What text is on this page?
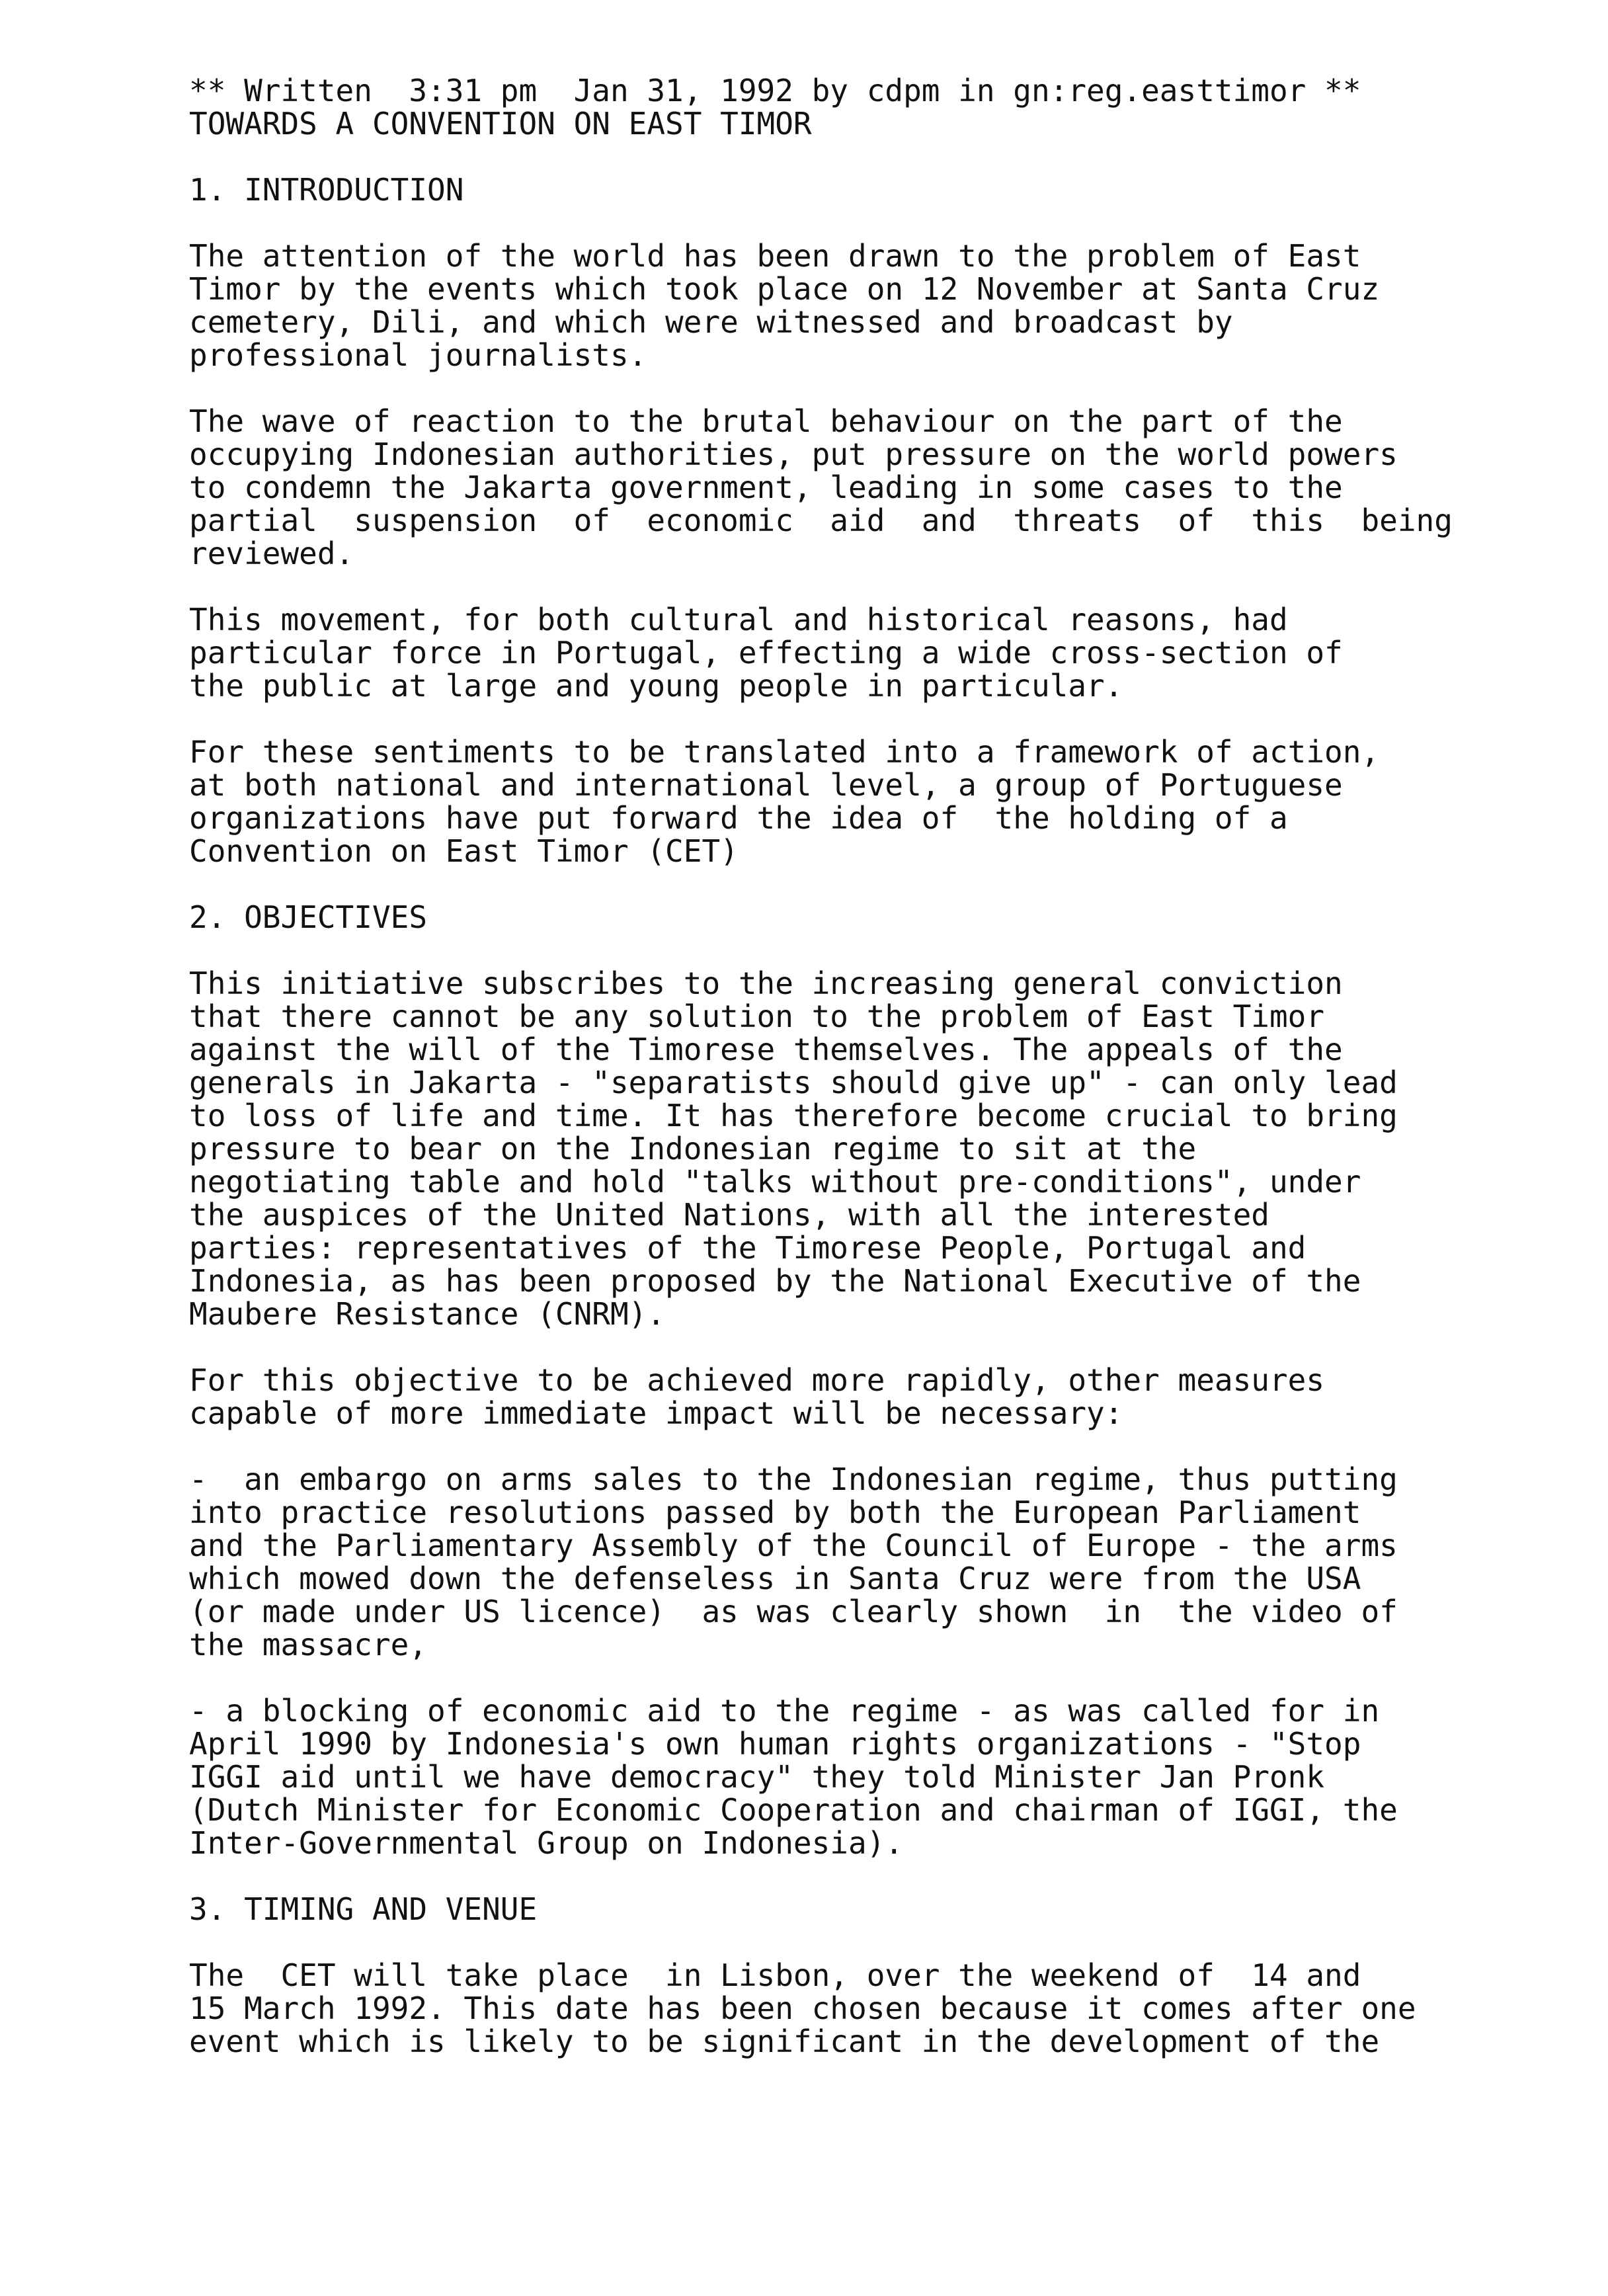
** Written  3:31 pm  Jan 31, 1992 by cdpm in gn:reg.easttimor **
TOWARDS A CONVENTION ON EAST TIMOR
1. INTRODUCTION
The attention of the world has been drawn to the problem of East
Timor by the events which took place on 12 November at Santa Cruz
cemetery, Dili, and which were witnessed and broadcast by
professional journalists.
The wave of reaction to the brutal behaviour on the part of the
occupying Indonesian authorities, put pressure on the world powers
to condemn the Jakarta government, leading in some cases to the
partial  suspension  of  economic  aid  and  threats  of  this  being
reviewed.
This movement, for both cultural and historical reasons, had
particular force in Portugal, effecting a wide cross-section of
the public at large and young people in particular.
For these sentiments to be translated into a framework of action,
at both national and international level, a group of Portuguese
organizations have put forward the idea of  the holding of a
Convention on East Timor (CET)
2. OBJECTIVES
This initiative subscribes to the increasing general conviction
that there cannot be any solution to the problem of East Timor
against the will of the Timorese themselves. The appeals of the
generals in Jakarta - "separatists should give up" - can only lead
to loss of life and time. It has therefore become crucial to bring
pressure to bear on the Indonesian regime to sit at the
negotiating table and hold "talks without pre-conditions", under
the auspices of the United Nations, with all the interested
parties: representatives of the Timorese People, Portugal and
Indonesia, as has been proposed by the National Executive of the
Maubere Resistance (CNRM).
For this objective to be achieved more rapidly, other measures
capable of more immediate impact will be necessary:
-  an embargo on arms sales to the Indonesian regime, thus putting
into practice resolutions passed by both the European Parliament
and the Parliamentary Assembly of the Council of Europe - the arms
which mowed down the defenseless in Santa Cruz were from the USA
(or made under US licence)  as was clearly shown  in  the video of
the massacre,
- a blocking of economic aid to the regime - as was called for in
April 1990 by Indonesia's own human rights organizations - "Stop
IGGI aid until we have democracy" they told Minister Jan Pronk
(Dutch Minister for Economic Cooperation and chairman of IGGI, the
Inter-Governmental Group on Indonesia).
3. TIMING AND VENUE
The  CET will take place  in Lisbon, over the weekend of  14 and
15 March 1992. This date has been chosen because it comes after one
event which is likely to be significant in the development of the
